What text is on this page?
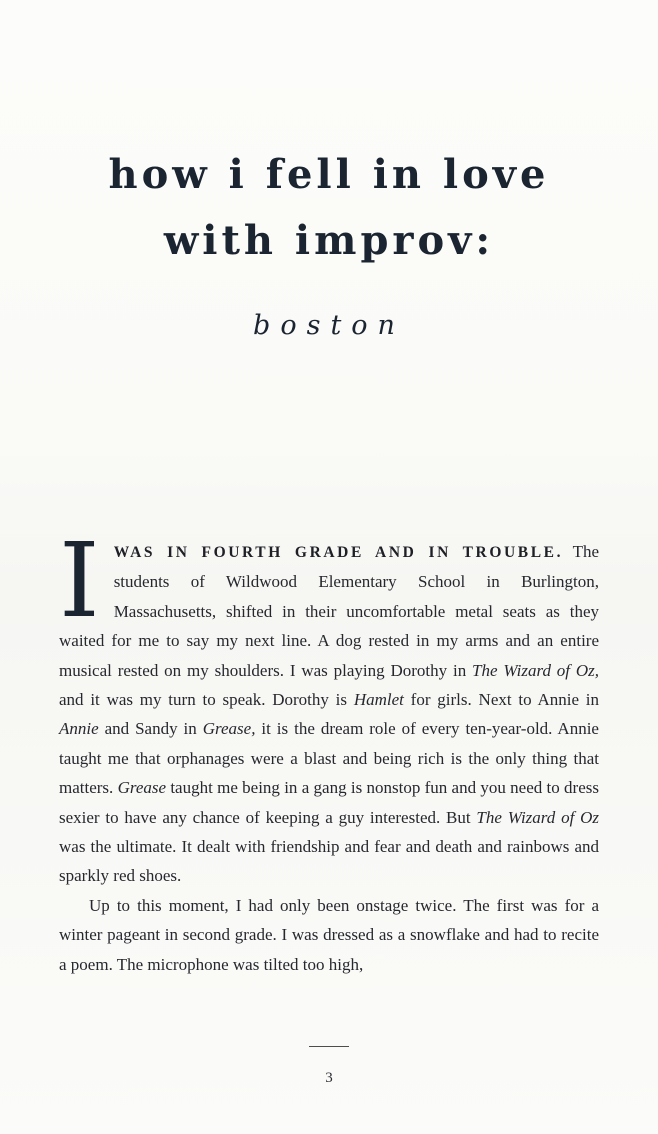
how i fell in love
with improv:
boston

IWAS IN FOURTH GRADE AND IN TROUBLE. The students of Wildwood Elementary School in Burlington, Massachusetts, shifted in their uncomfortable metal seats as they waited for me to say my next line. A dog rested in my arms and an entire musical rested on my shoulders. I was playing Dorothy in The Wizard of Oz, and it was my turn to speak. Dorothy is Hamlet for girls. Next to Annie in Annie and Sandy in Grease, it is the dream role of every ten-year-old. Annie taught me that orphanages were a blast and being rich is the only thing that matters. Grease taught me being in a gang is nonstop fun and you need to dress sexier to have any chance of keeping a guy interested. But The Wizard of Oz was the ultimate. It dealt with friendship and fear and death and rainbows and sparkly red shoes.

Up to this moment, I had only been onstage twice. The first was for a winter pageant in second grade. I was dressed as a snowflake and had to recite a poem. The microphone was tilted too high,

3
